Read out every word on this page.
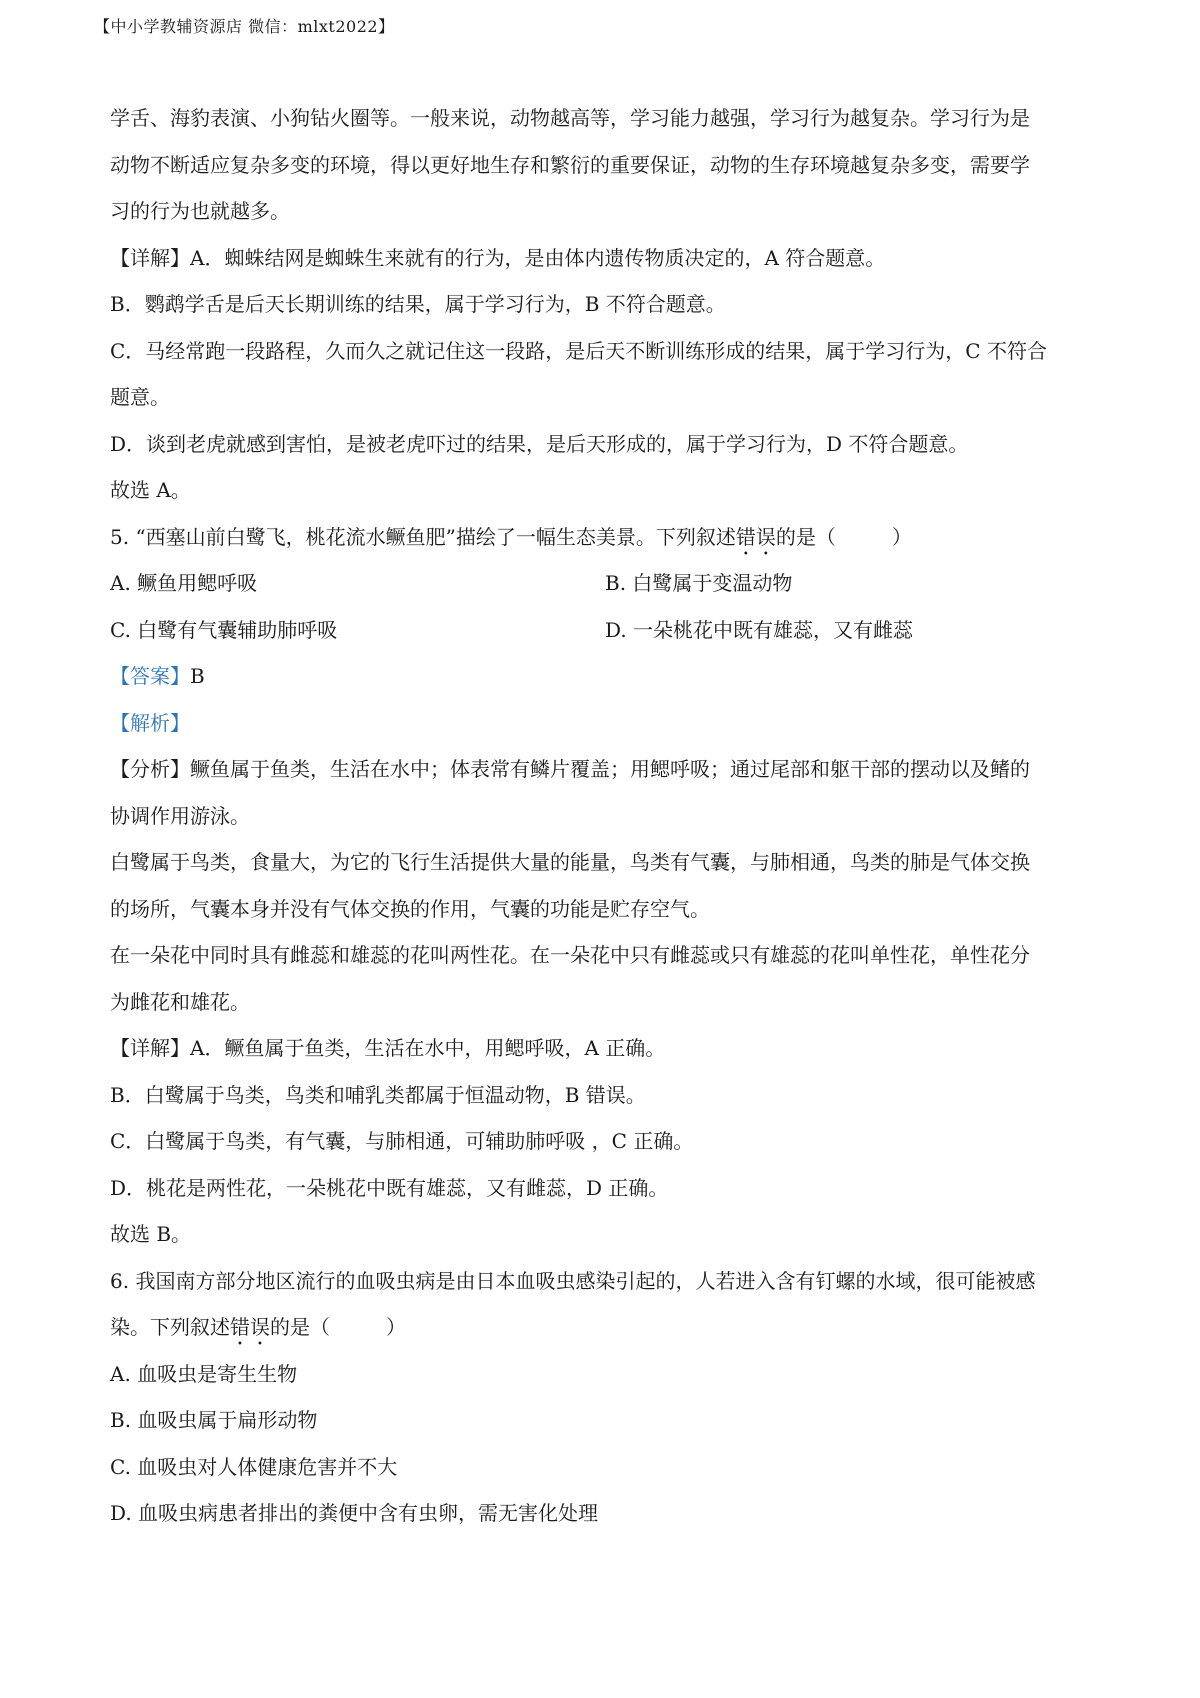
【中小学教辅资源店 微信：mlxt2022】
学舌、海豹表演、小狗钻火圈等。一般来说，动物越高等，学习能力越强，学习行为越复杂。学习行为是
动物不断适应复杂多变的环境，得以更好地生存和繁衍的重要保证，动物的生存环境越复杂多变，需要学
习的行为也就越多。
【详解】A．蜘蛛结网是蜘蛛生来就有的行为，是由体内遗传物质决定的，A 符合题意。
B．鹦鹉学舌是后天长期训练的结果，属于学习行为，B 不符合题意。
C．马经常跑一段路程，久而久之就记住这一段路，是后天不断训练形成的结果，属于学习行为，C 不符合
题意。
D．谈到老虎就感到害怕，是被老虎吓过的结果，是后天形成的，属于学习行为，D 不符合题意。
故选 A。
5. “西塞山前白鹭飞，桃花流水鳜鱼肥”描绘了一幅生态美景。下列叙述错误的是（	）
A. 鳜鱼用鳃呼吸	B. 白鹭属于变温动物
C. 白鹭有气囊辅助肺呼吸	D. 一朵桃花中既有雄蕊，又有雌蕊
【答案】B
【解析】
【分析】鳜鱼属于鱼类，生活在水中；体表常有鳞片覆盖；用鳃呼吸；通过尾部和躯干部的摆动以及鳍的
协调作用游泳。
白鹭属于鸟类，食量大，为它的飞行生活提供大量的能量，鸟类有气囊，与肺相通，鸟类的肺是气体交换
的场所，气囊本身并没有气体交换的作用，气囊的功能是贮存空气。
在一朵花中同时具有雌蕊和雄蕊的花叫两性花。在一朵花中只有雌蕊或只有雄蕊的花叫单性花，单性花分
为雌花和雄花。
【详解】A．鳜鱼属于鱼类，生活在水中，用鳃呼吸，A 正确。
B．白鹭属于鸟类，鸟类和哺乳类都属于恒温动物，B 错误。
C．白鹭属于鸟类，有气囊，与肺相通，可辅助肺呼吸 ，C 正确。
D．桃花是两性花，一朵桃花中既有雄蕊，又有雌蕊，D 正确。
故选 B。
6. 我国南方部分地区流行的血吸虫病是由日本血吸虫感染引起的，人若进入含有钉螺的水域，很可能被感
染。下列叙述错误的是（	）
A. 血吸虫是寄生生物
B. 血吸虫属于扁形动物
C. 血吸虫对人体健康危害并不大
D. 血吸虫病患者排出的粪便中含有虫卵，需无害化处理
